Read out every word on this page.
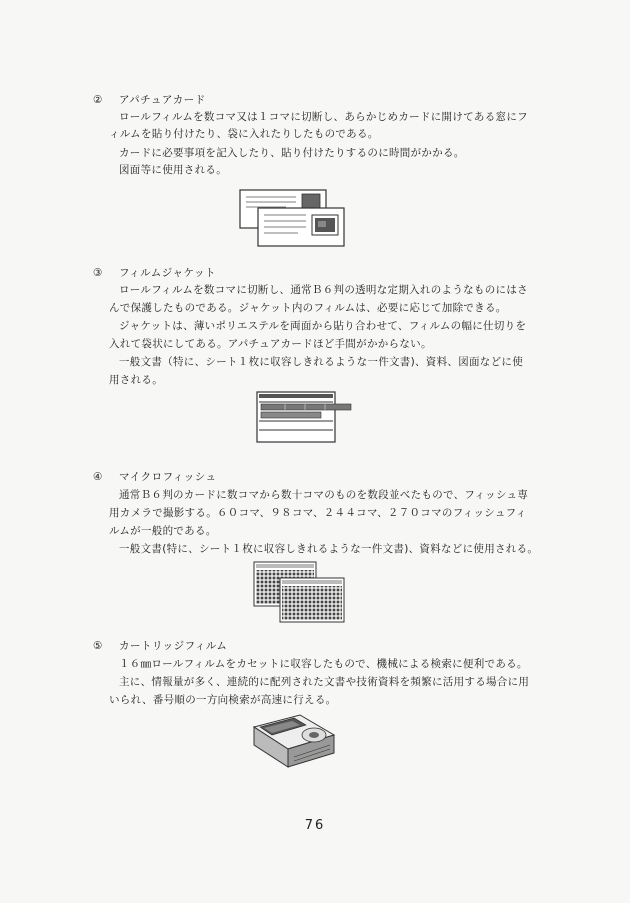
② アパチュアカード
ロールフィルムを数コマ又は１コマに切断し、あらかじめカードに開けてある窓にフ
ィルムを貼り付けたり、袋に入れたりしたものである。
カードに必要事項を記入したり、貼り付けたりするのに時間がかかる。
図面等に使用される。
③ フィルムジャケット
ロールフィルムを数コマに切断し、通常Ｂ６判の透明な定期入れのようなものにはさ
んで保護したものである。ジャケット内のフィルムは、必要に応じて加除できる。
ジャケットは、薄いポリエステルを両面から貼り合わせて、フィルムの幅に仕切りを
入れて袋状にしてある。アパチュアカードほど手間がかからない。
一般文書（特に、シート１枚に収容しきれるような一件文書)、資料、図面などに使
用される。
④ マイクロフィッシュ
通常Ｂ６判のカードに数コマから数十コマのものを数段並べたもので、フィッシュ専
用カメラで撮影する。６０コマ、９８コマ、２４４コマ、２７０コマのフィッシュフィ
ルムが一般的である。
一般文書(特に、シート１枚に収容しきれるような一件文書)、資料などに使用される。
⑤ カートリッジフィルム
１６㎜ロールフィルムをカセットに収容したもので、機械による検索に便利である。
主に、情報量が多く、連続的に配列された文書や技術資料を頻繁に活用する場合に用
いられ、番号順の一方向検索が高速に行える。
76
